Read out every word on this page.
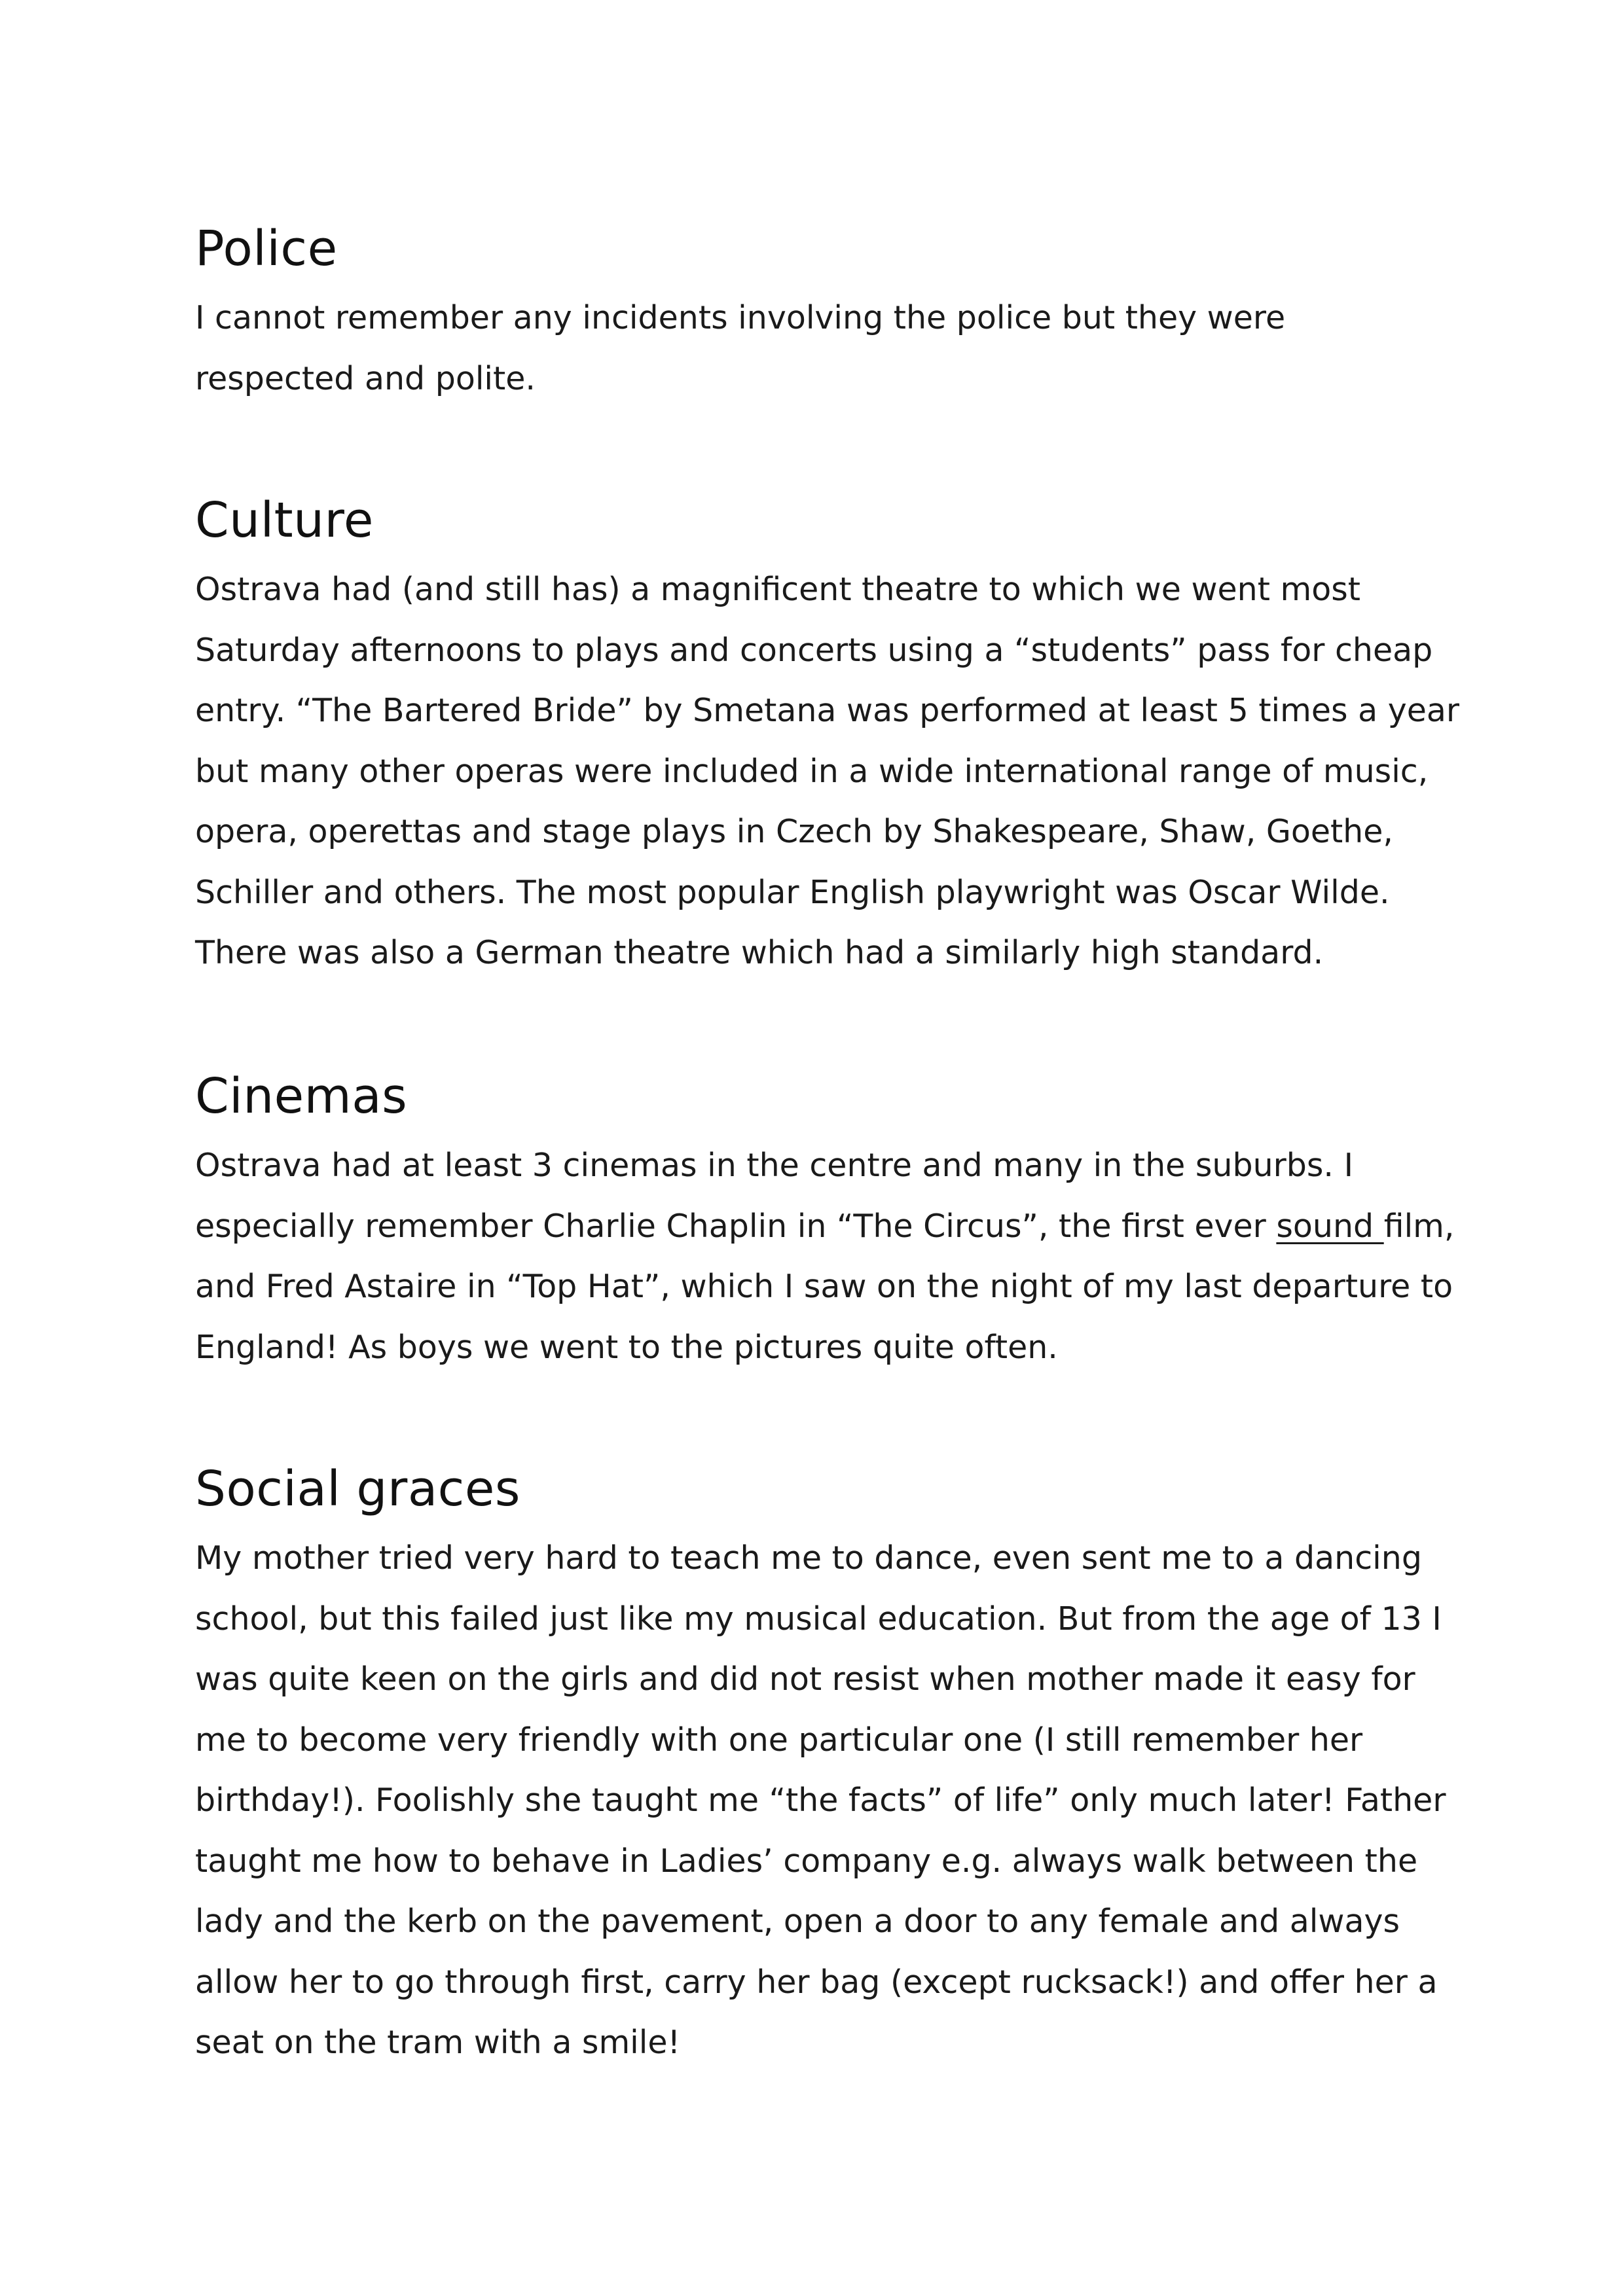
Police

I cannot remember any incidents involving the police but they were
respected and polite.

Culture

Ostrava had (and still has) a magnificent theatre to which we went most
Saturday afternoons to plays and concerts using a “students” pass for cheap
entry. “The Bartered Bride” by Smetana was performed at least 5 times a year
but many other operas were included in a wide international range of music,
opera, operettas and stage plays in Czech by Shakespeare, Shaw, Goethe,
Schiller and others. The most popular English playwright was Oscar Wilde.
There was also a German theatre which had a similarly high standard.

Cinemas

Ostrava had at least 3 cinemas in the centre and many in the suburbs. I
especially remember Charlie Chaplin in “The Circus”, the first ever sound film,
and Fred Astaire in “Top Hat”, which I saw on the night of my last departure to
England! As boys we went to the pictures quite often.

Social graces

My mother tried very hard to teach me to dance, even sent me to a dancing
school, but this failed just like my musical education. But from the age of 13 I
was quite keen on the girls and did not resist when mother made it easy for
me to become very friendly with one particular one (I still remember her
birthday!). Foolishly she taught me “the facts” of life” only much later! Father
taught me how to behave in Ladies’ company e.g. always walk between the
lady and the kerb on the pavement, open a door to any female and always
allow her to go through first, carry her bag (except rucksack!) and offer her a
seat on the tram with a smile!
